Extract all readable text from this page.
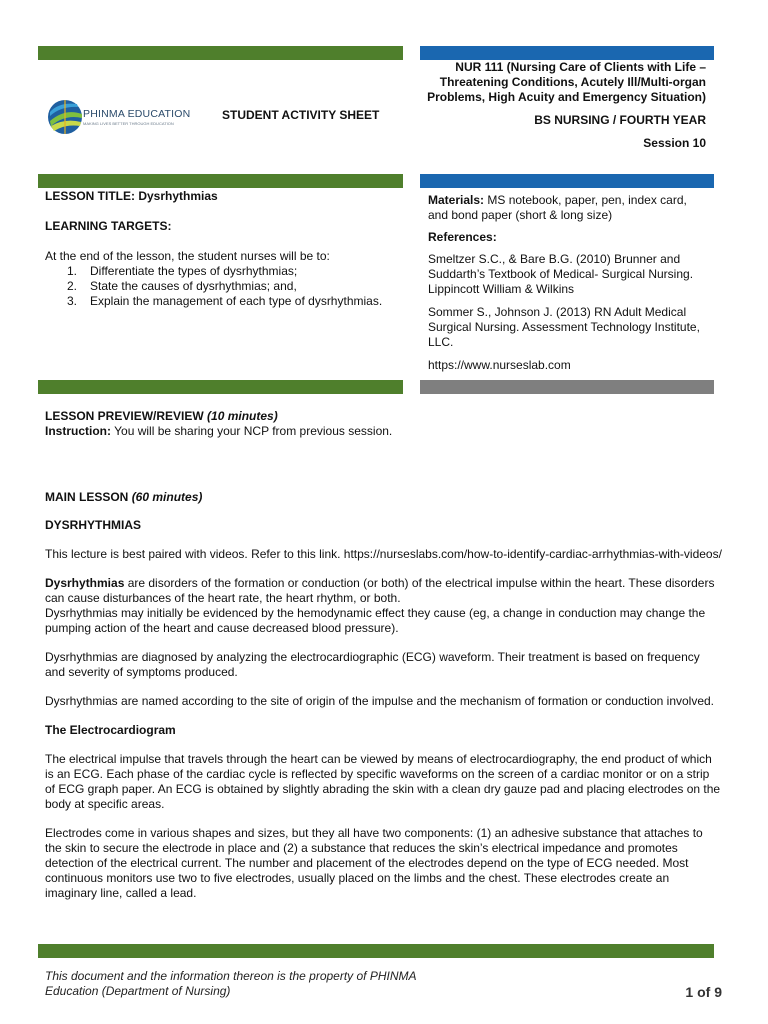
PHINMA EDUCATION
MAKING LIVES BETTER THROUGH EDUCATION
STUDENT ACTIVITY SHEET
NUR 111 (Nursing Care of Clients with Life – Threatening Conditions, Acutely Ill/Multi-organ Problems, High Acuity and Emergency Situation)
BS NURSING / FOURTH YEAR
Session 10
LESSON TITLE: Dysrhythmias
LEARNING TARGETS:
At the end of the lesson, the student nurses will be to:
1. Differentiate the types of dysrhythmias;
2. State the causes of dysrhythmias; and,
3. Explain the management of each type of dysrhythmias.
Materials: MS notebook, paper, pen, index card, and bond paper (short & long size)
References:
Smeltzer S.C., & Bare B.G. (2010) Brunner and Suddarth’s Textbook of Medical- Surgical Nursing. Lippincott William & Wilkins
Sommer S., Johnson J. (2013) RN Adult Medical Surgical Nursing. Assessment Technology Institute, LLC.
https://www.nurseslab.com
LESSON PREVIEW/REVIEW (10 minutes)
Instruction: You will be sharing your NCP from previous session.
MAIN LESSON (60 minutes)
DYSRHYTHMIAS
This lecture is best paired with videos. Refer to this link. https://nurseslabs.com/how-to-identify-cardiac-arrhythmias-with-videos/
Dysrhythmias are disorders of the formation or conduction (or both) of the electrical impulse within the heart. These disorders can cause disturbances of the heart rate, the heart rhythm, or both.
Dysrhythmias may initially be evidenced by the hemodynamic effect they cause (eg, a change in conduction may change the pumping action of the heart and cause decreased blood pressure).
Dysrhythmias are diagnosed by analyzing the electrocardiographic (ECG) waveform. Their treatment is based on frequency and severity of symptoms produced.
Dysrhythmias are named according to the site of origin of the impulse and the mechanism of formation or conduction involved.
The Electrocardiogram
The electrical impulse that travels through the heart can be viewed by means of electrocardiography, the end product of which is an ECG. Each phase of the cardiac cycle is reflected by specific waveforms on the screen of a cardiac monitor or on a strip of ECG graph paper. An ECG is obtained by slightly abrading the skin with a clean dry gauze pad and placing electrodes on the body at specific areas.
Electrodes come in various shapes and sizes, but they all have two components: (1) an adhesive substance that attaches to the skin to secure the electrode in place and (2) a substance that reduces the skin’s electrical impedance and promotes detection of the electrical current. The number and placement of the electrodes depend on the type of ECG needed. Most continuous monitors use two to five electrodes, usually placed on the limbs and the chest. These electrodes create an imaginary line, called a lead.
This document and the information thereon is the property of PHINMA Education (Department of Nursing)	1 of 9
